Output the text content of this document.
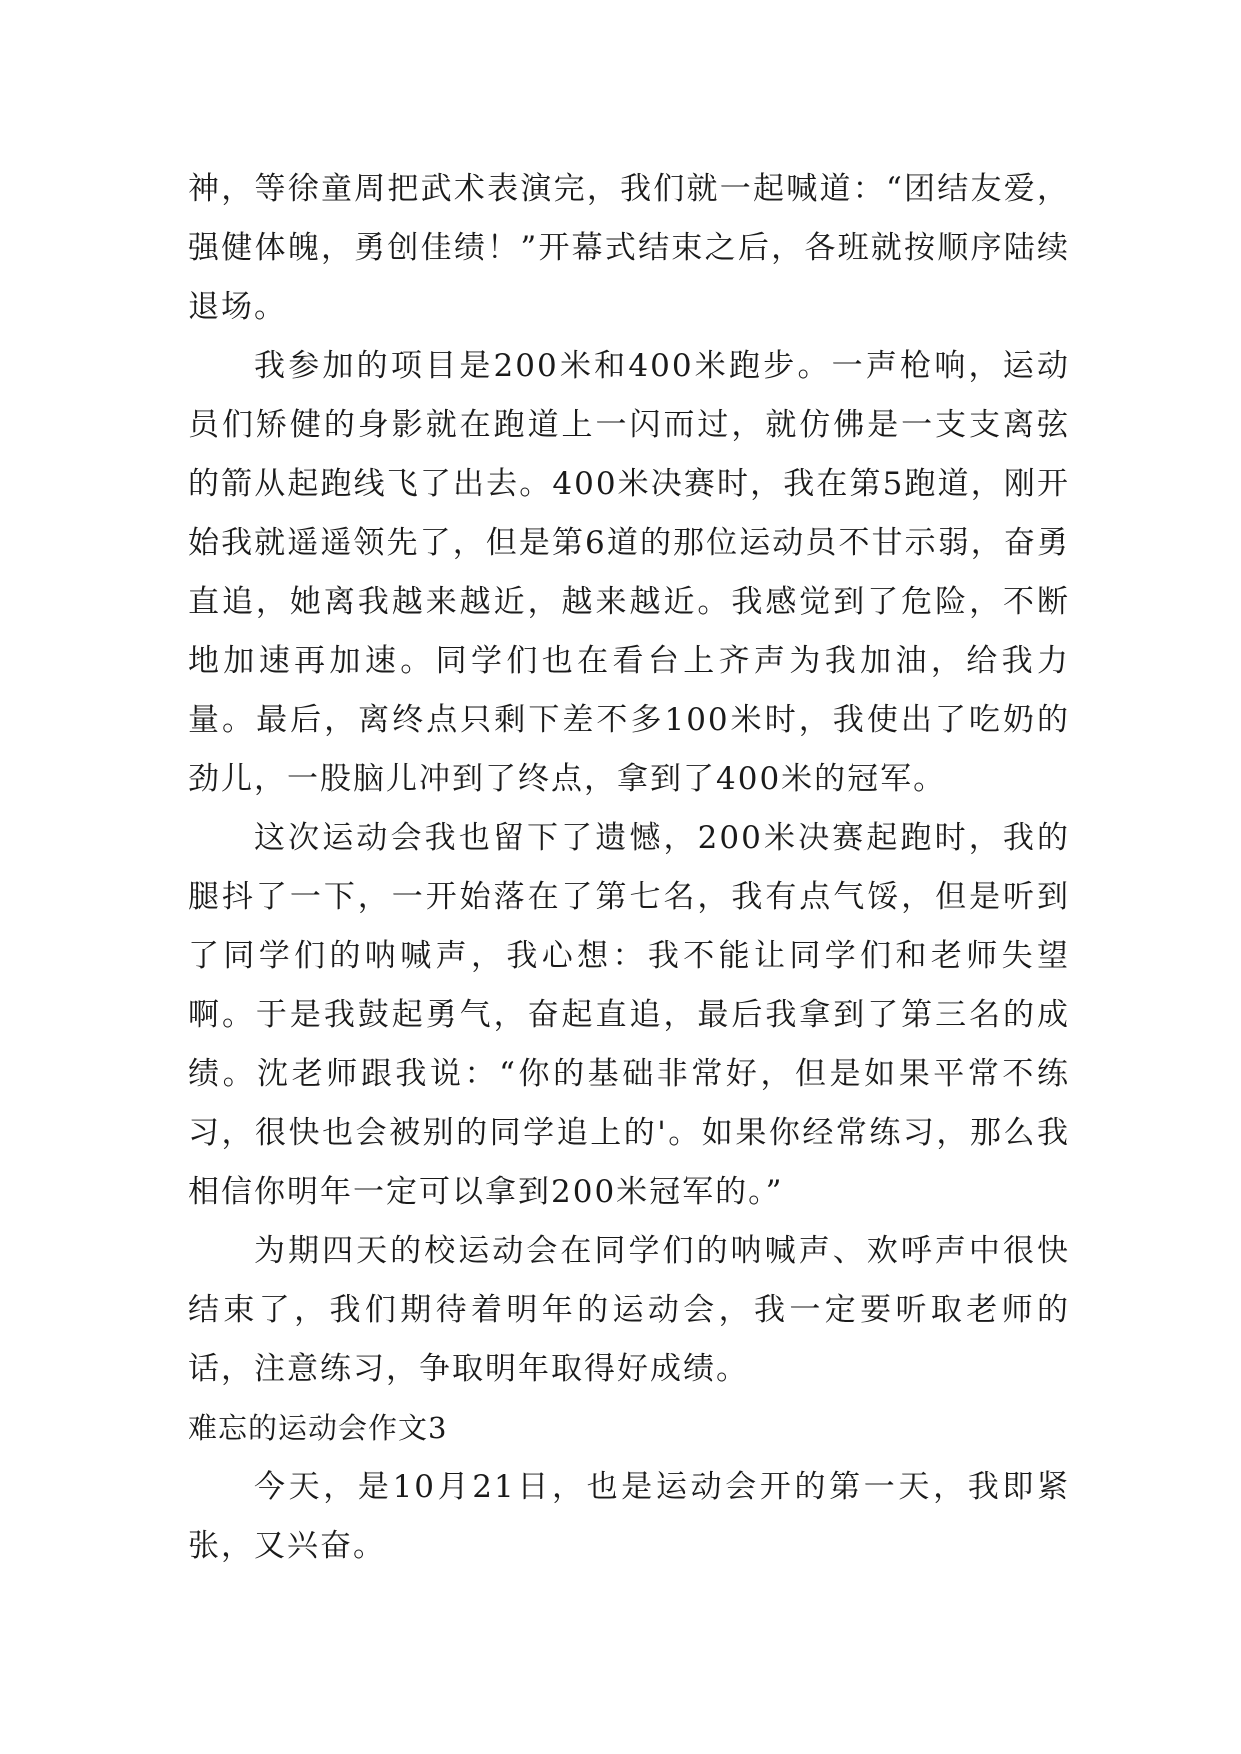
神，等徐童周把武术表演完，我们就一起喊道：“团结友爱，强健体魄，勇创佳绩！”开幕式结束之后，各班就按顺序陆续退场。

我参加的项目是200米和400米跑步。一声枪响，运动员们矫健的身影就在跑道上一闪而过，就仿佛是一支支离弦的箭从起跑线飞了出去。400米决赛时，我在第5跑道，刚开始我就遥遥领先了，但是第6道的那位运动员不甘示弱，奋勇直追，她离我越来越近，越来越近。我感觉到了危险，不断地加速再加速。同学们也在看台上齐声为我加油，给我力量。最后，离终点只剩下差不多100米时，我使出了吃奶的劲儿，一股脑儿冲到了终点，拿到了400米的冠军。

这次运动会我也留下了遗憾，200米决赛起跑时，我的腿抖了一下，一开始落在了第七名，我有点气馁，但是听到了同学们的呐喊声，我心想：我不能让同学们和老师失望啊。于是我鼓起勇气，奋起直追，最后我拿到了第三名的成绩。沈老师跟我说：“你的基础非常好，但是如果平常不练习，很快也会被别的同学追上的'。如果你经常练习，那么我相信你明年一定可以拿到200米冠军的。”

为期四天的校运动会在同学们的呐喊声、欢呼声中很快结束了，我们期待着明年的运动会，我一定要听取老师的话，注意练习，争取明年取得好成绩。

难忘的运动会作文3

今天，是10月21日，也是运动会开的第一天，我即紧张，又兴奋。
